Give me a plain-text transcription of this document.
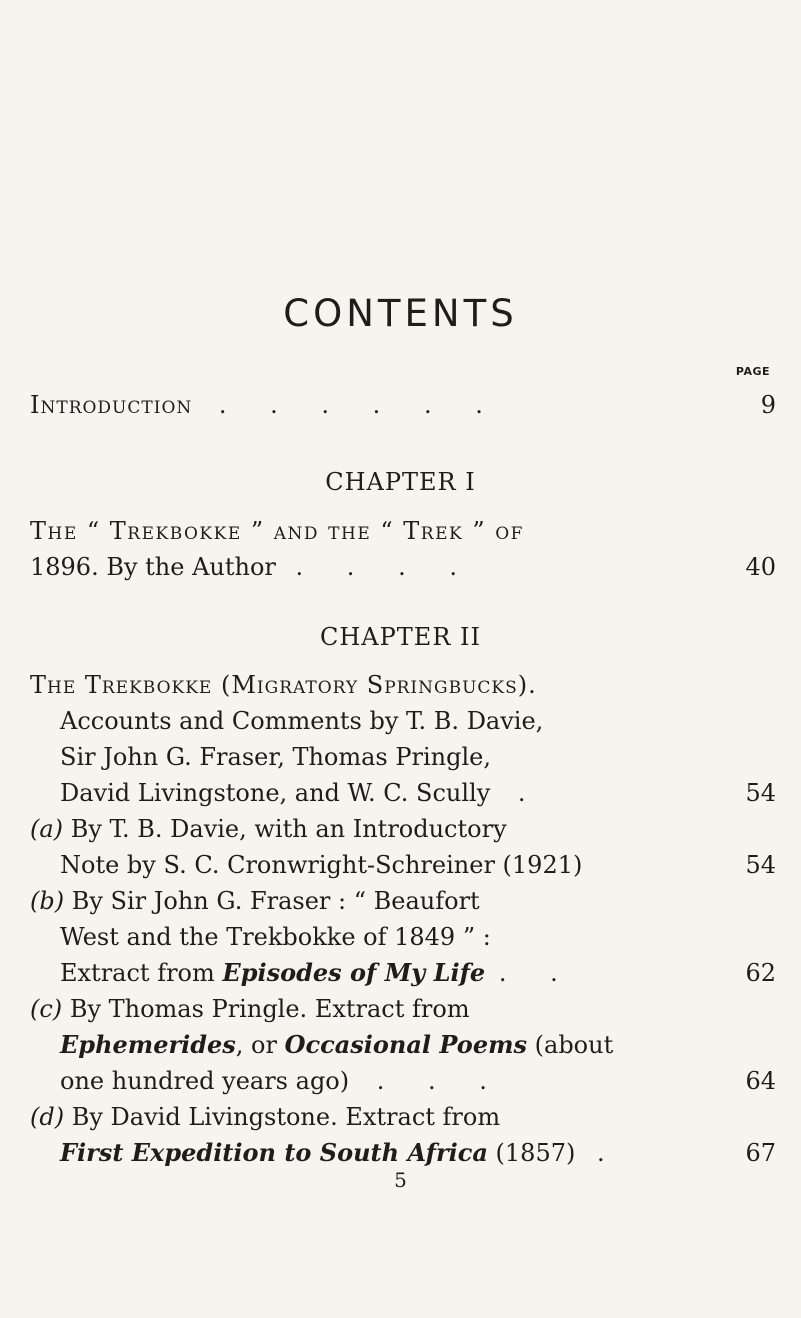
CONTENTS
PAGE
Introduction . . . . . .	9
CHAPTER I
The “ Trekbokke ” and the “ Trek ” of
1896. By the Author . . . .	40
CHAPTER II
The Trekbokke (Migratory Springbucks).
Accounts and Comments by T. B. Davie,
Sir John G. Fraser, Thomas Pringle,
David Livingstone, and W. C. Scully .	54
(a) By T. B. Davie, with an Introductory
Note by S. C. Cronwright-Schreiner (1921)	54
(b) By Sir John G. Fraser : “ Beaufort
West and the Trekbokke of 1849 ” :
Extract from Episodes of My Life . .	62
(c) By Thomas Pringle. Extract from
Ephemerides, or Occasional Poems (about
one hundred years ago) . . .	64
(d) By David Livingstone. Extract from
First Expedition to South Africa (1857) .	67
5
